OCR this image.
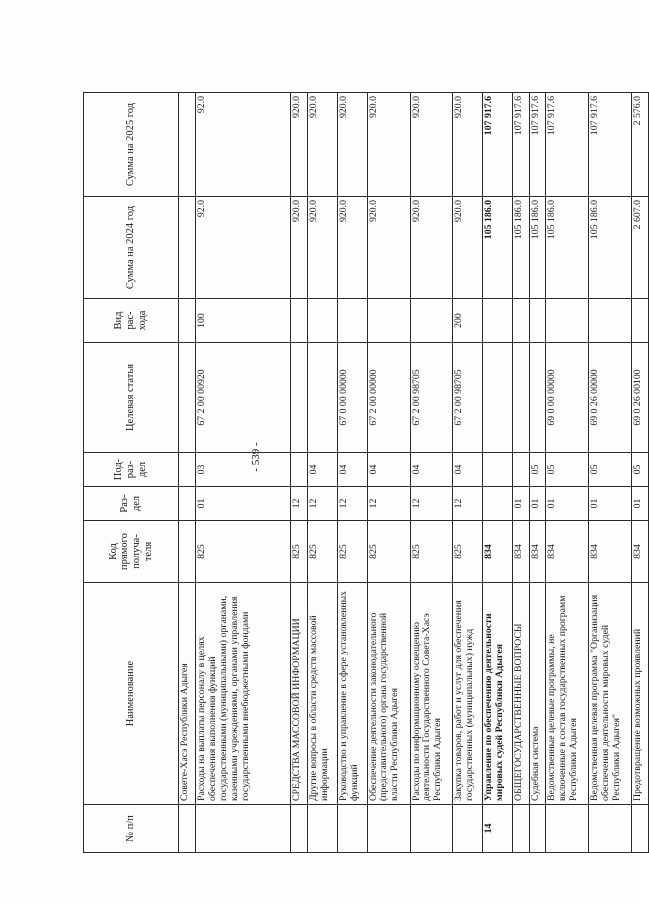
- 539 -
№ п/п	Наименование	Код прямого получа- теля	Раз- дел	Под- раз- дел	Целевая статья	Вид рас- хода	Сумма на 2024 год	Сумма на 2025 год
	Совете-Хасэ Республики Адыгея							
	Расходы на выплаты персоналу в целях обеспечения выполнения функций государственными (муниципальными) органами, казенными учреждениями, органами управления государственными внебюджетными фондами	825	01	03	67 2 00 00920	100	92.0	92.0
	СРЕДСТВА МАССОВОЙ ИНФОРМАЦИИ	825	12				920.0	920.0
	Другие вопросы в области средств массовой информации	825	12	04			920.0	920.0
	Руководство и управление в сфере установленных функций	825	12	04	67 0 00 00000		920.0	920.0
	Обеспечение деятельности законодательного (представительного) органа государственной власти Республики Адыгея	825	12	04	67 2 00 00000		920.0	920.0
	Расходы по информационному освещению деятельности Государственного Совета-Хасэ Республики Адыгея	825	12	04	67 2 00 98705		920.0	920.0
	Закупка товаров, работ и услуг для обеспечения государственных (муниципальных) нужд	825	12	04	67 2 00 98705	200	920.0	920.0
14	Управление по обеспечению деятельности мировых судей Республики Адыгея	834					105 186.0	107 917.6
	ОБЩЕГОСУДАРСТВЕННЫЕ ВОПРОСЫ	834	01				105 186.0	107 917.6
	Судебная система	834	01	05			105 186.0	107 917.6
	Ведомственные целевые программы, не включенные в состав государственных программ Республики Адыгея	834	01	05	69 0 00 00000		105 186.0	107 917.6
	Ведомственная целевая программа "Организация обеспечения деятельности мировых судей Республики Адыгея"	834	01	05	69 0 26 00000		105 186.0	107 917.6
	Предотвращение возможных проявлений	834	01	05	69 0 26 00100		2 607.0	2 576.0
